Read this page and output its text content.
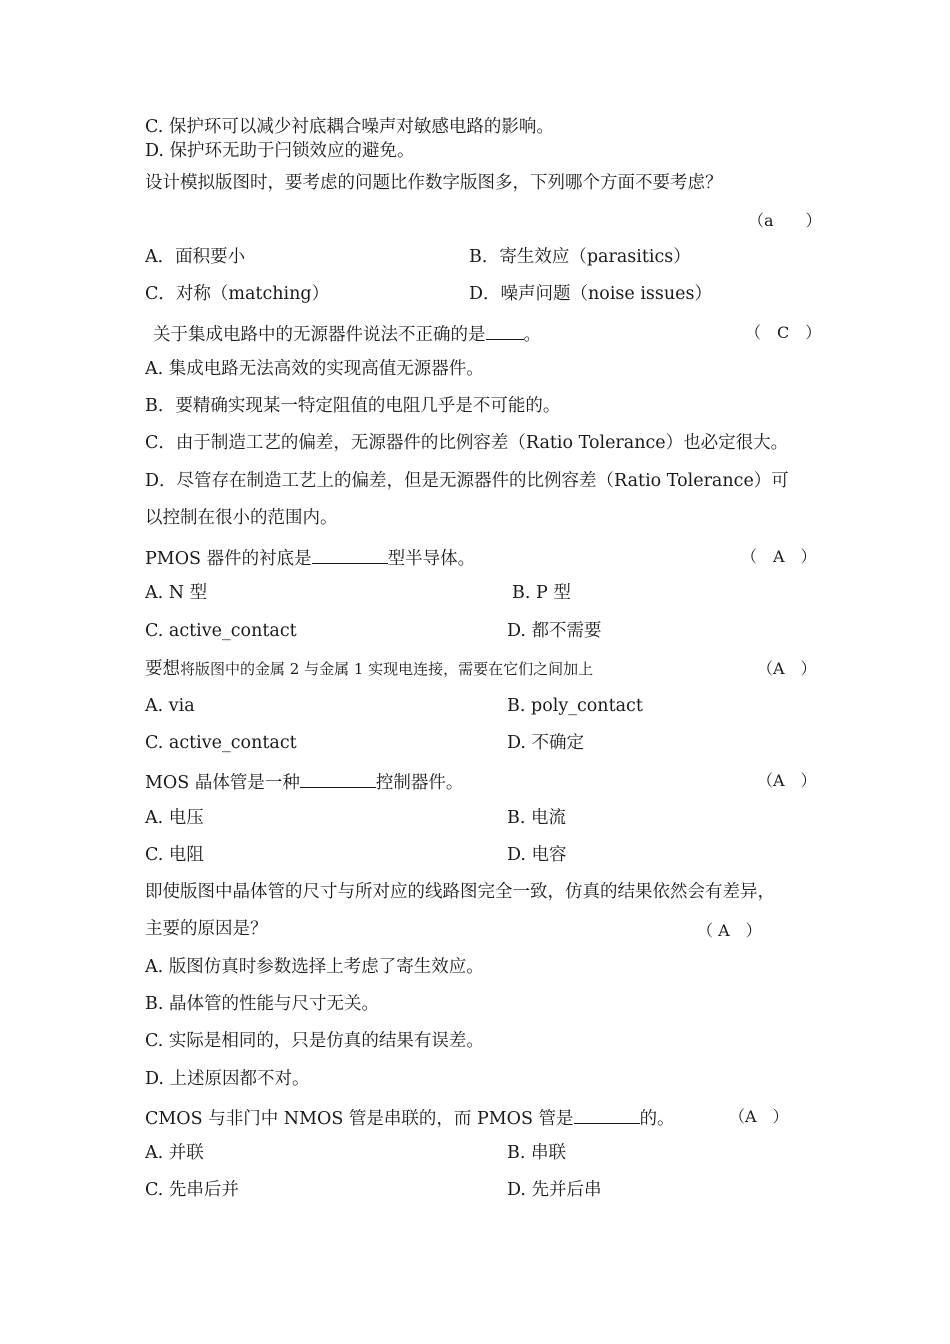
C. 保护环可以减少衬底耦合噪声对敏感电路的影响。
D. 保护环无助于闩锁效应的避免。
设计模拟版图时，要考虑的问题比作数字版图多，下列哪个方面不要考虑？
（a　　）
A．面积要小	B．寄生效应（parasitics）
C．对称（matching）	D．噪声问题（noise issues）
关于集成电路中的无源器件说法不正确的是 。	（　C　）
A. 集成电路无法高效的实现高值无源器件。
B．要精确实现某一特定阻值的电阻几乎是不可能的。
C．由于制造工艺的偏差，无源器件的比例容差（Ratio Tolerance）也必定很大。
D．尽管存在制造工艺上的偏差，但是无源器件的比例容差（Ratio Tolerance）可
以控制在很小的范围内。
PMOS 器件的衬底是	型半导体。	（　A　）
A. N 型	B. P 型
C. active_contact	D. 都不需要
要想将版图中的金属 2 与金属 1 实现电连接，需要在它们之间加上	（A　）
A. via	B. poly_contact
C. active_contact	D. 不确定
MOS 晶体管是一种	控制器件。	（A　）
A. 电压	B. 电流
C. 电阻	D. 电容
即使版图中晶体管的尺寸与所对应的线路图完全一致，仿真的结果依然会有差异，
主要的原因是？	（ A　）
A. 版图仿真时参数选择上考虑了寄生效应。
B. 晶体管的性能与尺寸无关。
C. 实际是相同的，只是仿真的结果有误差。
D. 上述原因都不对。
CMOS 与非门中 NMOS 管是串联的，而 PMOS 管是	的。	（A　）
A. 并联	B. 串联
C. 先串后并	D. 先并后串
